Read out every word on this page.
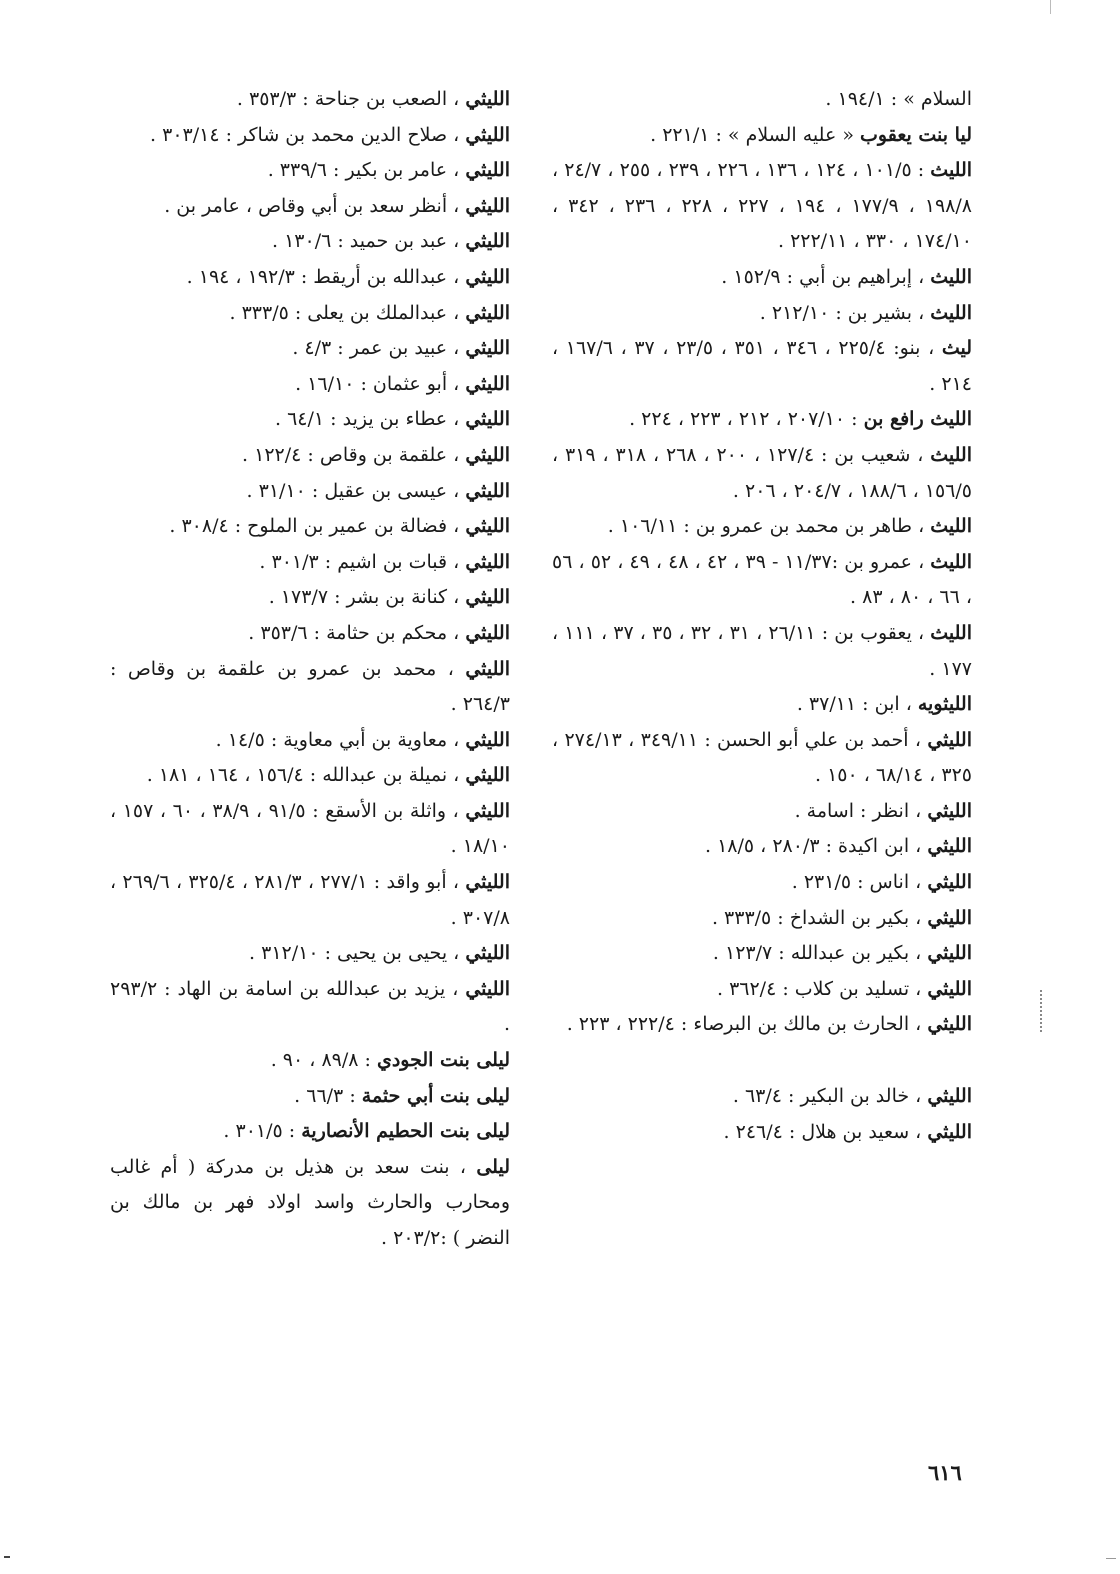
السلام » : ١٩٤/١ .
ليا بنت يعقوب « عليه السلام » : ٢٢١/١ .
الليث : ١٠١/٥ ، ١٢٤ ، ١٣٦ ، ٢٢٦ ، ٢٣٩ ، ٢٥٥ ، ٢٤/٧ ، ١٩٨/٨ ، ١٧٧/٩ ، ١٩٤ ، ٢٢٧ ، ٢٢٨ ، ٢٣٦ ، ٣٤٢ ، ١٧٤/١٠ ، ٣٣٠ ، ٢٢٢/١١ .
الليث ، إبراهيم بن أبي : ١٥٢/٩ .
الليث ، بشير بن : ٢١٢/١٠ .
ليث ، بنو: ٢٢٥/٤ ، ٣٤٦ ، ٣٥١ ، ٢٣/٥ ، ٣٧ ، ١٦٧/٦ ، ٢١٤ .
الليث رافع بن : ٢٠٧/١٠ ، ٢١٢ ، ٢٢٣ ، ٢٢٤ .
الليث ، شعيب بن : ١٢٧/٤ ، ٢٠٠ ، ٢٦٨ ، ٣١٨ ، ٣١٩ ، ١٥٦/٥ ، ١٨٨/٦ ، ٢٠٤/٧ ، ٢٠٦ .
الليث ، طاهر بن محمد بن عمرو بن : ١٠٦/١١ .
الليث ، عمرو بن :١١/٣٧ - ٣٩ ، ٤٢ ، ٤٨ ، ٤٩ ، ٥٢ ، ٥٦ ، ٦٦ ، ٨٠ ، ٨٣ .
الليث ، يعقوب بن : ٢٦/١١ ، ٣١ ، ٣٢ ، ٣٥ ، ٣٧ ، ١١١ ، ١٧٧ .
الليثويه ، ابن : ٣٧/١١ .
الليثي ، أحمد بن علي أبو الحسن : ٣٤٩/١١ ، ٢٧٤/١٣ ، ٣٢٥ ، ٦٨/١٤ ، ١٥٠ .
الليثي ، انظر : اسامة .
الليثي ، ابن اكيدة : ٢٨٠/٣ ، ١٨/٥ .
الليثي ، اناس : ٢٣١/٥ .
الليثي ، بكير بن الشداخ : ٣٣٣/٥ .
الليثي ، بكير بن عبدالله : ١٢٣/٧ .
الليثي ، تسليد بن كلاب : ٣٦٢/٤ .
الليثي ، الحارث بن مالك بن البرصاء : ٢٢٢/٤ ، ٢٢٣ .
الليثي ، خالد بن البكير : ٦٣/٤ .
الليثي ، سعيد بن هلال : ٢٤٦/٤ .
الليثي ، الصعب بن جناحة : ٣٥٣/٣ .
الليثي ، صلاح الدين محمد بن شاكر : ٣٠٣/١٤ .
الليثي ، عامر بن بكير : ٣٣٩/٦ .
الليثي ، أنظر سعد بن أبي وقاص ، عامر بن .
الليثي ، عبد بن حميد : ١٣٠/٦ .
الليثي ، عبدالله بن أريقط : ١٩٢/٣ ، ١٩٤ .
الليثي ، عبدالملك بن يعلى : ٣٣٣/٥ .
الليثي ، عبيد بن عمر : ٤/٣ .
الليثي ، أبو عثمان : ١٦/١٠ .
الليثي ، عطاء بن يزيد : ٦٤/١ .
الليثي ، علقمة بن وقاص : ١٢٢/٤ .
الليثي ، عيسى بن عقيل : ٣١/١٠ .
الليثي ، فضالة بن عمير بن الملوح : ٣٠٨/٤ .
الليثي ، قبات بن اشيم : ٣٠١/٣ .
الليثي ، كنانة بن بشر : ١٧٣/٧ .
الليثي ، محكم بن حثامة : ٣٥٣/٦ .
الليثي ، محمد بن عمرو بن علقمة بن وقاص : ٢٦٤/٣ .
الليثي ، معاوية بن أبي معاوية : ١٤/٥ .
الليثي ، نميلة بن عبدالله : ١٥٦/٤ ، ١٦٤ ، ١٨١ .
الليثي ، واثلة بن الأسقع : ٩١/٥ ، ٣٨/٩ ، ٦٠ ، ١٥٧ ، ١٨/١٠ .
الليثي ، أبو واقد : ٢٧٧/١ ، ٢٨١/٣ ، ٣٢٥/٤ ، ٢٦٩/٦ ، ٣٠٧/٨ .
الليثي ، يحيى بن يحيى : ٣١٢/١٠ .
الليثي ، يزيد بن عبدالله بن اسامة بن الهاد : ٢٩٣/٢ .
ليلى بنت الجودي : ٨٩/٨ ، ٩٠ .
ليلى بنت أبي حثمة : ٦٦/٣ .
ليلى بنت الحطيم الأنصارية : ٣٠١/٥ .
ليلى ، بنت سعد بن هذيل بن مدركة ( أم غالب ومحارب والحارث واسد اولاد فهر بن مالك بن النضر ) :٢٠٣/٢ .
٦١٦
